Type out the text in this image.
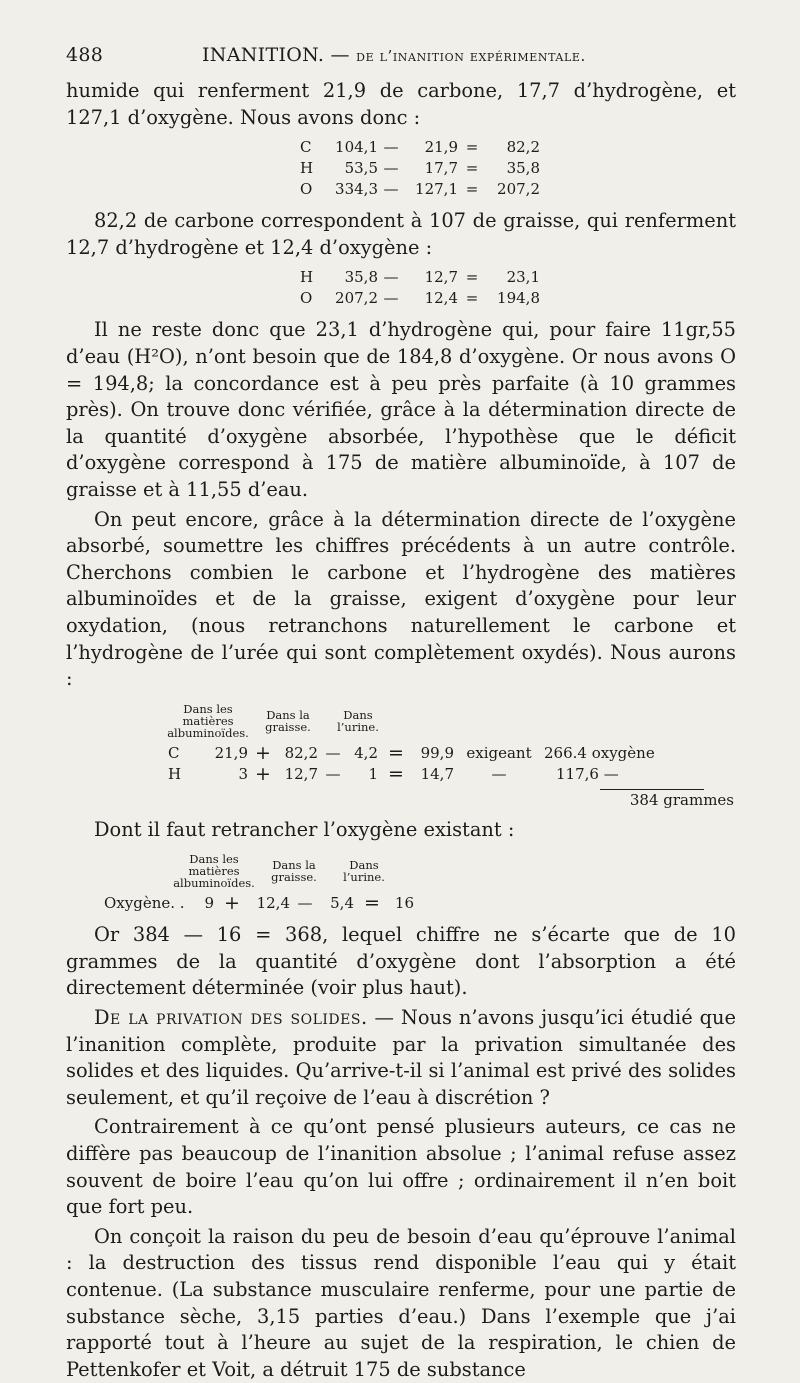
488	INANITION. — de l’inanition expérimentale.

humide qui renferment 21,9 de carbone, 17,7 d’hydrogène, et 127,1 d’oxygène. Nous avons donc :

C	104,1 —	21,9 =	82,2
H	53,5 —	17,7 =	35,8
O	334,3 —	127,1 =	207,2

82,2 de carbone correspondent à 107 de graisse, qui renferment 12,7 d’hydrogène et 12,4 d’oxygène :

H	35,8 —	12,7 =	23,1
O	207,2 —	12,4 =	194,8

Il ne reste donc que 23,1 d’hydrogène qui, pour faire 11gr,55 d’eau (H²O), n’ont besoin que de 184,8 d’oxygène. Or nous avons O = 194,8; la concordance est à peu près parfaite (à 10 grammes près). On trouve donc vérifiée, grâce à la détermination directe de la quantité d’oxygène absorbée, l’hypothèse que le déficit d’oxygène correspond à 175 de matière albuminoïde, à 107 de graisse et à 11,55 d’eau.

On peut encore, grâce à la détermination directe de l’oxygène absorbé, soumettre les chiffres précédents à un autre contrôle. Cherchons combien le carbone et l’hydrogène des matières albuminoïdes et de la graisse, exigent d’oxygène pour leur oxydation, (nous retranchons naturellement le carbone et l’hydrogène de l’urée qui sont complètement oxydés). Nous aurons :

Dans les matières albuminoïdes.
Dans la graisse.
Dans l’urine.
C	21,9 + 82,2 — 4,2 =	99,9 exigeant 266.4 oxygène
H	3 + 12,7 —	1 =	14,7	—	117,6 —
384 grammes

Dont il faut retrancher l’oxygène existant :

Dans les matières albuminoïdes.
Dans la graisse.
Dans l’urine.
Oxygène. .	9 +	12,4 —	5,4 = 16

Or 384 — 16 = 368, lequel chiffre ne s’écarte que de 10 grammes de la quantité d’oxygène dont l’absorption a été directement déterminée (voir plus haut).

De la privation des solides. — Nous n’avons jusqu’ici étudié que l’inanition complète, produite par la privation simultanée des solides et des liquides. Qu’arrive-t-il si l’animal est privé des solides seulement, et qu’il reçoive de l’eau à discrétion ?

Contrairement à ce qu’ont pensé plusieurs auteurs, ce cas ne diffère pas beaucoup de l’inanition absolue ; l’animal refuse assez souvent de boire l’eau qu’on lui offre ; ordinairement il n’en boit que fort peu.

On conçoit la raison du peu de besoin d’eau qu’éprouve l’animal : la destruction des tissus rend disponible l’eau qui y était contenue. (La substance musculaire renferme, pour une partie de substance sèche, 3,15 parties d’eau.) Dans l’exemple que j’ai rapporté tout à l’heure au sujet de la respiration, le chien de Pettenkofer et Voit, a détruit 175 de substance
